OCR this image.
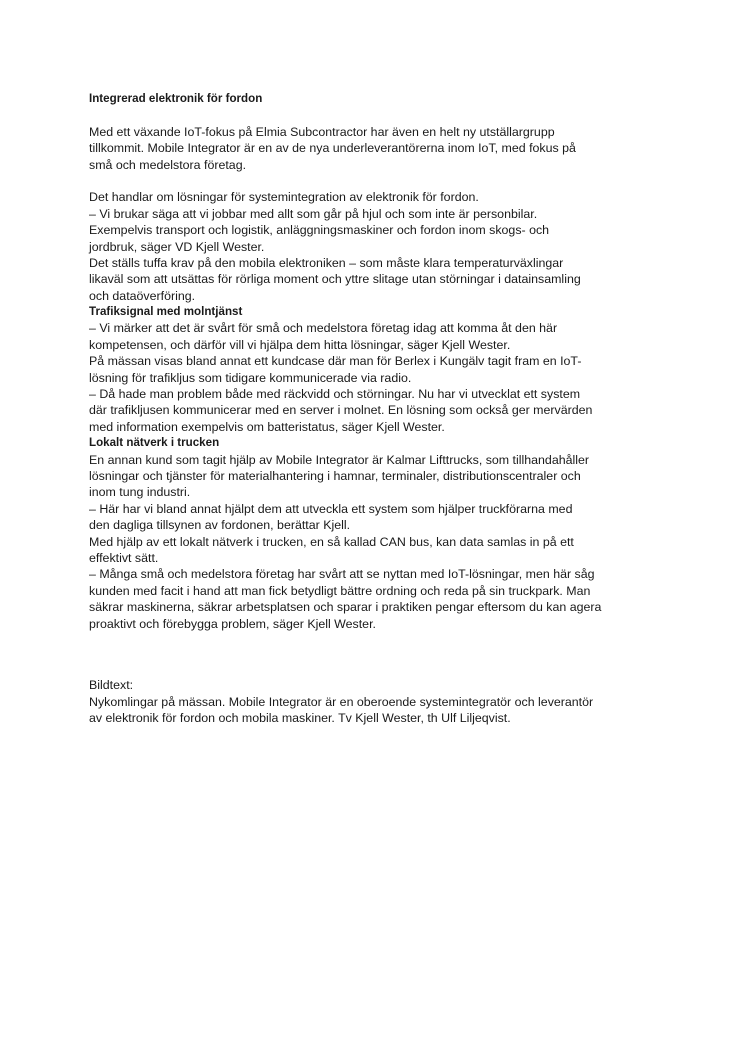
Integrerad elektronik för fordon

Med ett växande IoT-fokus på Elmia Subcontractor har även en helt ny utställargrupp

tillkommit. Mobile Integrator är en av de nya underleverantörerna inom IoT, med fokus på

små och medelstora företag.

Det handlar om lösningar för systemintegration av elektronik för fordon.

– Vi brukar säga att vi jobbar med allt som går på hjul och som inte är personbilar.

Exempelvis transport och logistik, anläggningsmaskiner och fordon inom skogs- och

jordbruk, säger VD Kjell Wester.

Det ställs tuffa krav på den mobila elektroniken – som måste klara temperaturväxlingar

likaväl som att utsättas för rörliga moment och yttre slitage utan störningar i datainsamling

och dataöverföring.

Trafiksignal med molntjänst

– Vi märker att det är svårt för små och medelstora företag idag att komma åt den här

kompetensen, och därför vill vi hjälpa dem hitta lösningar, säger Kjell Wester.

På mässan visas bland annat ett kundcase där man för Berlex i Kungälv tagit fram en IoT-

lösning för trafikljus som tidigare kommunicerade via radio.

– Då hade man problem både med räckvidd och störningar. Nu har vi utvecklat ett system

där trafikljusen kommunicerar med en server i molnet. En lösning som också ger mervärden

med information exempelvis om batteristatus, säger Kjell Wester.

Lokalt nätverk i trucken

En annan kund som tagit hjälp av Mobile Integrator är Kalmar Lifttrucks, som tillhandahåller

lösningar och tjänster för materialhantering i hamnar, terminaler, distributionscentraler och

inom tung industri.

– Här har vi bland annat hjälpt dem att utveckla ett system som hjälper truckförarna med

den dagliga tillsynen av fordonen, berättar Kjell.

Med hjälp av ett lokalt nätverk i trucken, en så kallad CAN bus, kan data samlas in på ett

effektivt sätt.

– Många små och medelstora företag har svårt att se nyttan med IoT-lösningar, men här såg

kunden med facit i hand att man fick betydligt bättre ordning och reda på sin truckpark. Man

säkrar maskinerna, säkrar arbetsplatsen och sparar i praktiken pengar eftersom du kan agera

proaktivt och förebygga problem, säger Kjell Wester.

Bildtext:

Nykomlingar på mässan. Mobile Integrator är en oberoende systemintegratör och leverantör

av elektronik för fordon och mobila maskiner. Tv Kjell Wester, th Ulf Liljeqvist.
